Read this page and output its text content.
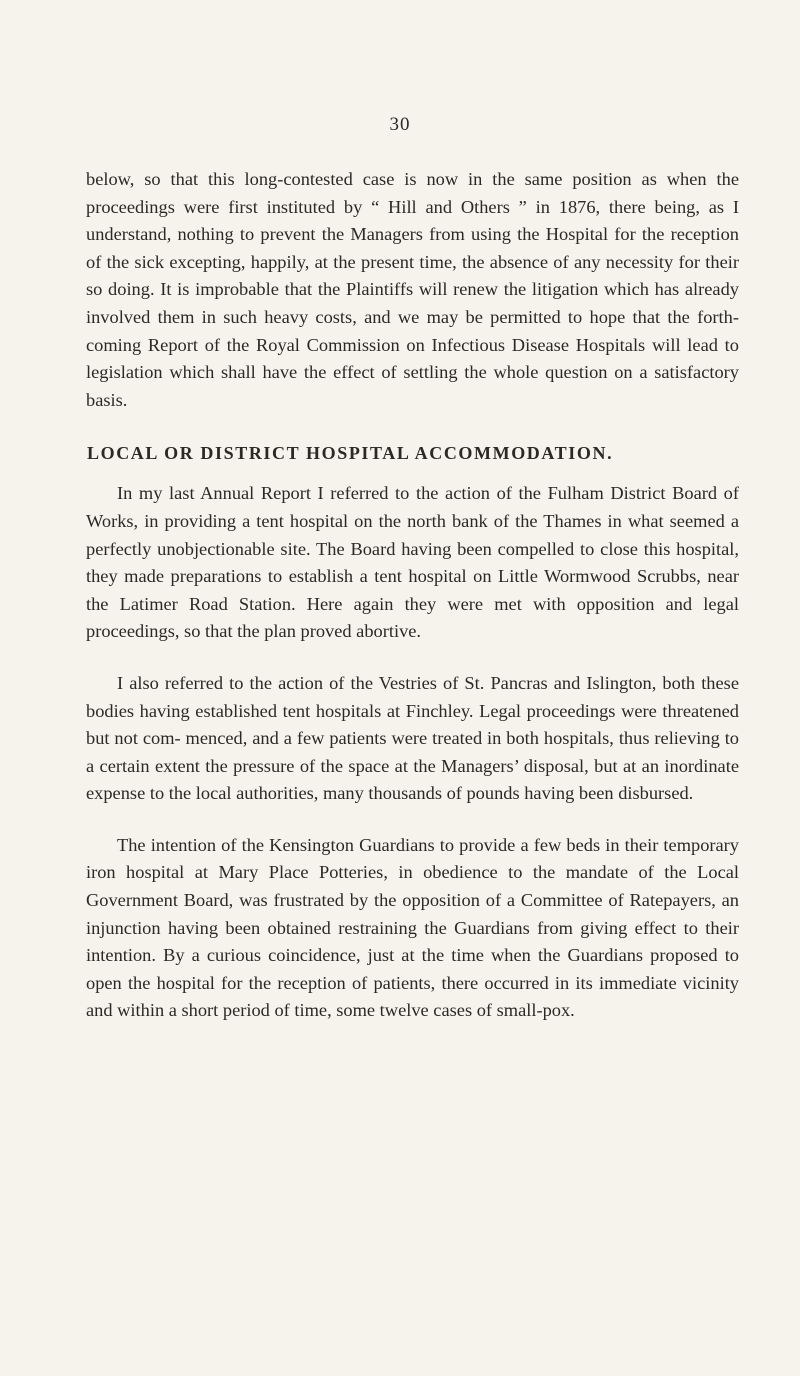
30

below, so that this long-contested case is now in the same position as when the proceedings were first instituted by “ Hill and Others ” in 1876, there being, as I understand, nothing to prevent the Managers from using the Hospital for the reception of the sick excepting, happily, at the present time, the absence of any necessity for their so doing. It is improbable that the Plaintiffs will renew the litigation which has already involved them in such heavy costs, and we may be permitted to hope that the forth- coming Report of the Royal Commission on Infectious Disease Hospitals will lead to legislation which shall have the effect of settling the whole question on a satisfactory basis.

LOCAL OR DISTRICT HOSPITAL ACCOMMODATION.

In my last Annual Report I referred to the action of the Fulham District Board of Works, in providing a tent hospital on the north bank of the Thames in what seemed a perfectly unobjectionable site. The Board having been compelled to close this hospital, they made preparations to establish a tent hospital on Little Wormwood Scrubbs, near the Latimer Road Station. Here again they were met with opposition and legal proceedings, so that the plan proved abortive.

I also referred to the action of the Vestries of St. Pancras and Islington, both these bodies having established tent hospitals at Finchley. Legal proceedings were threatened but not com- menced, and a few patients were treated in both hospitals, thus relieving to a certain extent the pressure of the space at the Managers’ disposal, but at an inordinate expense to the local authorities, many thousands of pounds having been disbursed.

The intention of the Kensington Guardians to provide a few beds in their temporary iron hospital at Mary Place Potteries, in obedience to the mandate of the Local Government Board, was frustrated by the opposition of a Committee of Ratepayers, an injunction having been obtained restraining the Guardians from giving effect to their intention. By a curious coincidence, just at the time when the Guardians proposed to open the hospital for the reception of patients, there occurred in its immediate vicinity and within a short period of time, some twelve cases of small-pox.
